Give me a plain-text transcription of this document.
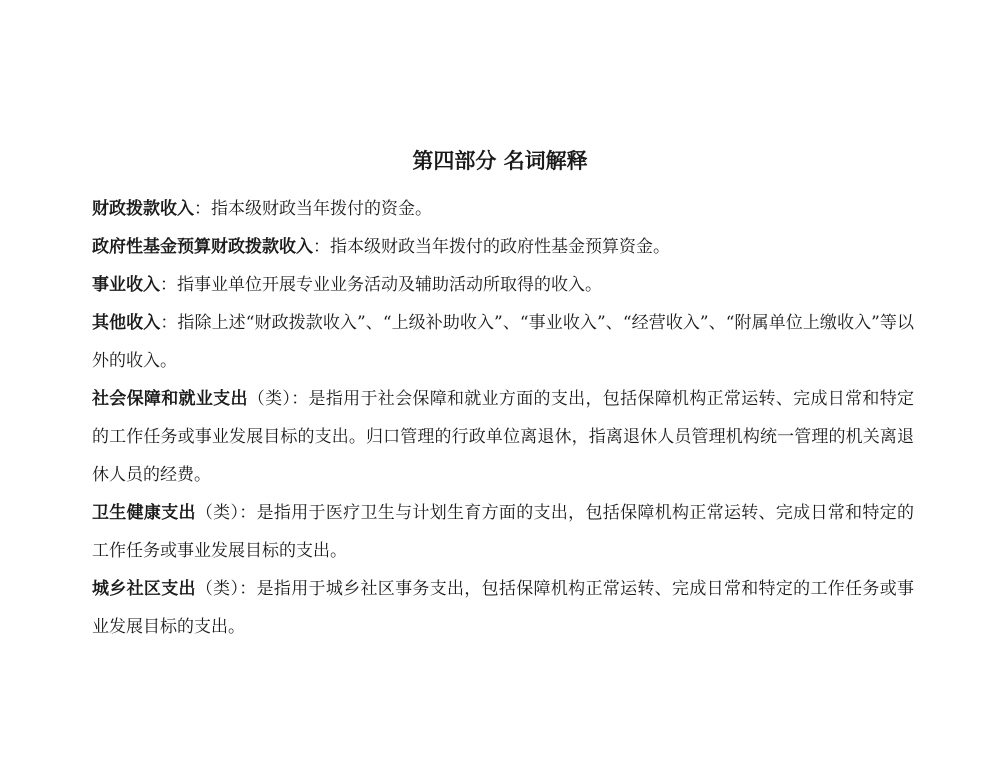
第四部分 名词解释

财政拨款收入：指本级财政当年拨付的资金。

政府性基金预算财政拨款收入：指本级财政当年拨付的政府性基金预算资金。

事业收入：指事业单位开展专业业务活动及辅助活动所取得的收入。

其他收入：指除上述“财政拨款收入”、“上级补助收入”、“事业收入”、“经营收入”、“附属单位上缴收入”等以外的收入。

社会保障和就业支出（类）：是指用于社会保障和就业方面的支出，包括保障机构正常运转、完成日常和特定的工作任务或事业发展目标的支出。归口管理的行政单位离退休，指离退休人员管理机构统一管理的机关离退休人员的经费。

卫生健康支出（类）：是指用于医疗卫生与计划生育方面的支出，包括保障机构正常运转、完成日常和特定的工作任务或事业发展目标的支出。

城乡社区支出（类）：是指用于城乡社区事务支出，包括保障机构正常运转、完成日常和特定的工作任务或事业发展目标的支出。
